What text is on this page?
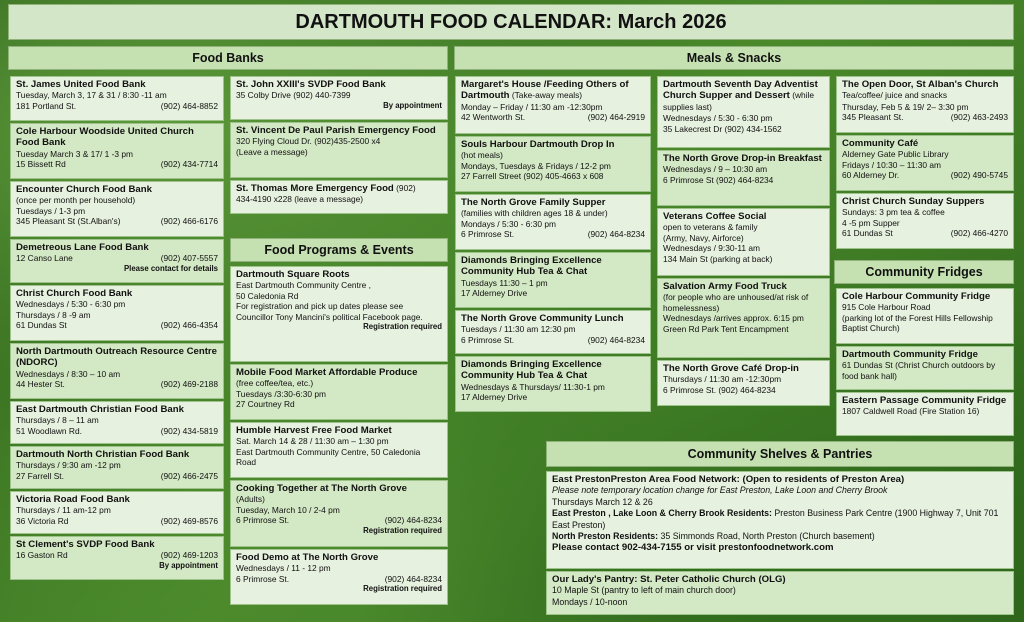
DARTMOUTH FOOD CALENDAR: March 2026
Food Banks	Meals & Snacks
Food Programs & Events
Community Fridges
Community Shelves & Pantries
St. James United Food Bank
Tuesday, March 3, 17 & 31 / 8:30 -11 am
181 Portland St.	(902) 464-8852
Cole Harbour Woodside United Church Food Bank
Tuesday March 3 & 17/ 1 -3 pm
15 Bissett Rd	(902) 434-7714
Encounter Church Food Bank
(once per month per household)
Tuesdays / 1-3 pm
345 Pleasant St (St.Alban's)	(902) 466-6176
Demetreous Lane Food Bank
12 Canso Lane	(902) 407-5557
Please contact for details
Christ Church Food Bank
Wednesdays / 5:30 - 6:30 pm
Thursdays / 8 -9 am
61 Dundas St	(902) 466-4354
North Dartmouth Outreach Resource Centre (NDORC)
Wednesdays / 8:30 – 10 am
44 Hester St.	(902) 469-2188
East Dartmouth Christian Food Bank
Thursdays / 8 – 11 am
51 Woodlawn Rd.	(902) 434-5819
Dartmouth North Christian Food Bank
Thursdays / 9:30 am -12 pm
27 Farrell St.	(902) 466-2475
Victoria Road Food Bank
Thursdays / 11 am-12 pm
36 Victoria Rd	(902) 469-8576
St Clement's SVDP Food Bank
16 Gaston Rd	(902) 469-1203
By appointment
St. John XXIII's SVDP Food Bank
35 Colby Drive (902) 440-7399
By appointment
St. Vincent De Paul Parish Emergency Food
320 Flying Cloud Dr. (902)435-2500 x4
(Leave a message)
St. Thomas More Emergency Food (902)
434-4190 x228 (leave a message)
Dartmouth Square Roots
East Dartmouth Community Centre ,
50 Caledonia Rd
For registration and pick up dates please see Councillor Tony Mancini's political Facebook page.
Registration required
Mobile Food Market Affordable Produce
(free coffee/tea, etc.)
Tuesdays /3:30-6:30 pm
27 Courtney Rd
Humble Harvest Free Food Market
Sat. March 14 & 28 / 11:30 am – 1:30 pm
East Dartmouth Community Centre, 50 Caledonia Road
Cooking Together at The North Grove
(Adults)
Tuesday, March 10 / 2-4 pm
6 Primrose St.	(902) 464-8234
Registration required
Food Demo at The North Grove
Wednesdays / 11 - 12 pm
6 Primrose St.	(902) 464-8234
Registration required
Margaret's House /Feeding Others of Dartmouth (Take-away meals)
Monday – Friday / 11:30 am -12:30pm
42 Wentworth St.	(902) 464-2919
Souls Harbour Dartmouth Drop In
(hot meals)
Mondays, Tuesdays & Fridays / 12-2 pm
27 Farrell Street (902) 405-4663 x 608
The North Grove Family Supper
(families with children ages 18 & under)
Mondays / 5:30 - 6:30 pm
6 Primrose St.	(902) 464-8234
Diamonds Bringing Excellence Community Hub Tea & Chat
Tuesdays 11:30 – 1 pm
17 Alderney Drive
The North Grove Community Lunch
Tuesdays / 11:30 am 12:30 pm
6 Primrose St.	(902) 464-8234
Diamonds Bringing Excellence Community Hub Tea & Chat
Wednesdays & Thursdays/ 11:30-1 pm
17 Alderney Drive
Dartmouth Seventh Day Adventist Church Supper and Dessert (while supplies last)
Wednesdays / 5:30 - 6:30 pm
35 Lakecrest Dr (902) 434-1562
The North Grove Drop-in Breakfast
Wednesdays / 9 – 10:30 am
6 Primrose St (902) 464-8234
Veterans Coffee Social
open to veterans & family
(Army, Navy, Airforce)
Wednesdays / 9:30-11 am
134 Main St (parking at back)
Salvation Army Food Truck
(for people who are unhoused/at risk of homelessness)
Wednesdays /arrives approx. 6:15 pm
Green Rd Park Tent Encampment
The North Grove Café Drop-in
Thursdays / 11:30 am -12:30pm
6 Primrose St. (902) 464-8234
The Open Door, St Alban's Church Tea/coffee/ juice and snacks
Thursday, Feb 5 & 19/ 2– 3:30 pm
345 Pleasant St.	(902) 463-2493
Community Café
Alderney Gate Public Library
Fridays / 10:30 – 11:30 am
60 Alderney Dr.	(902) 490-5745
Christ Church Sunday Suppers
Sundays: 3 pm tea & coffee
4 -5 pm Supper
61 Dundas St	(902) 466-4270
Cole Harbour Community Fridge
915 Cole Harbour Road
(parking lot of the Forest Hills Fellowship Baptist Church)
Dartmouth Community Fridge
61 Dundas St (Christ Church outdoors by food bank hall)
Eastern Passage Community Fridge
1807 Caldwell Road (Fire Station 16)
East PrestonPreston Area Food Network: (Open to residents of Preston Area)
Please note temporary location change for East Preston, Lake Loon and Cherry Brook
Thursdays March 12 & 26
East Preston , Lake Loon & Cherry Brook Residents: Preston Business Park Centre (1900 Highway 7, Unit 701 East Preston)
North Preston Residents: 35 Simmonds Road, North Preston (Church basement)
Please contact 902-434-7155 or visit prestonfoodnetwork.com
Our Lady's Pantry: St. Peter Catholic Church (OLG)
10 Maple St (pantry to left of main church door)
Mondays / 10-noon
